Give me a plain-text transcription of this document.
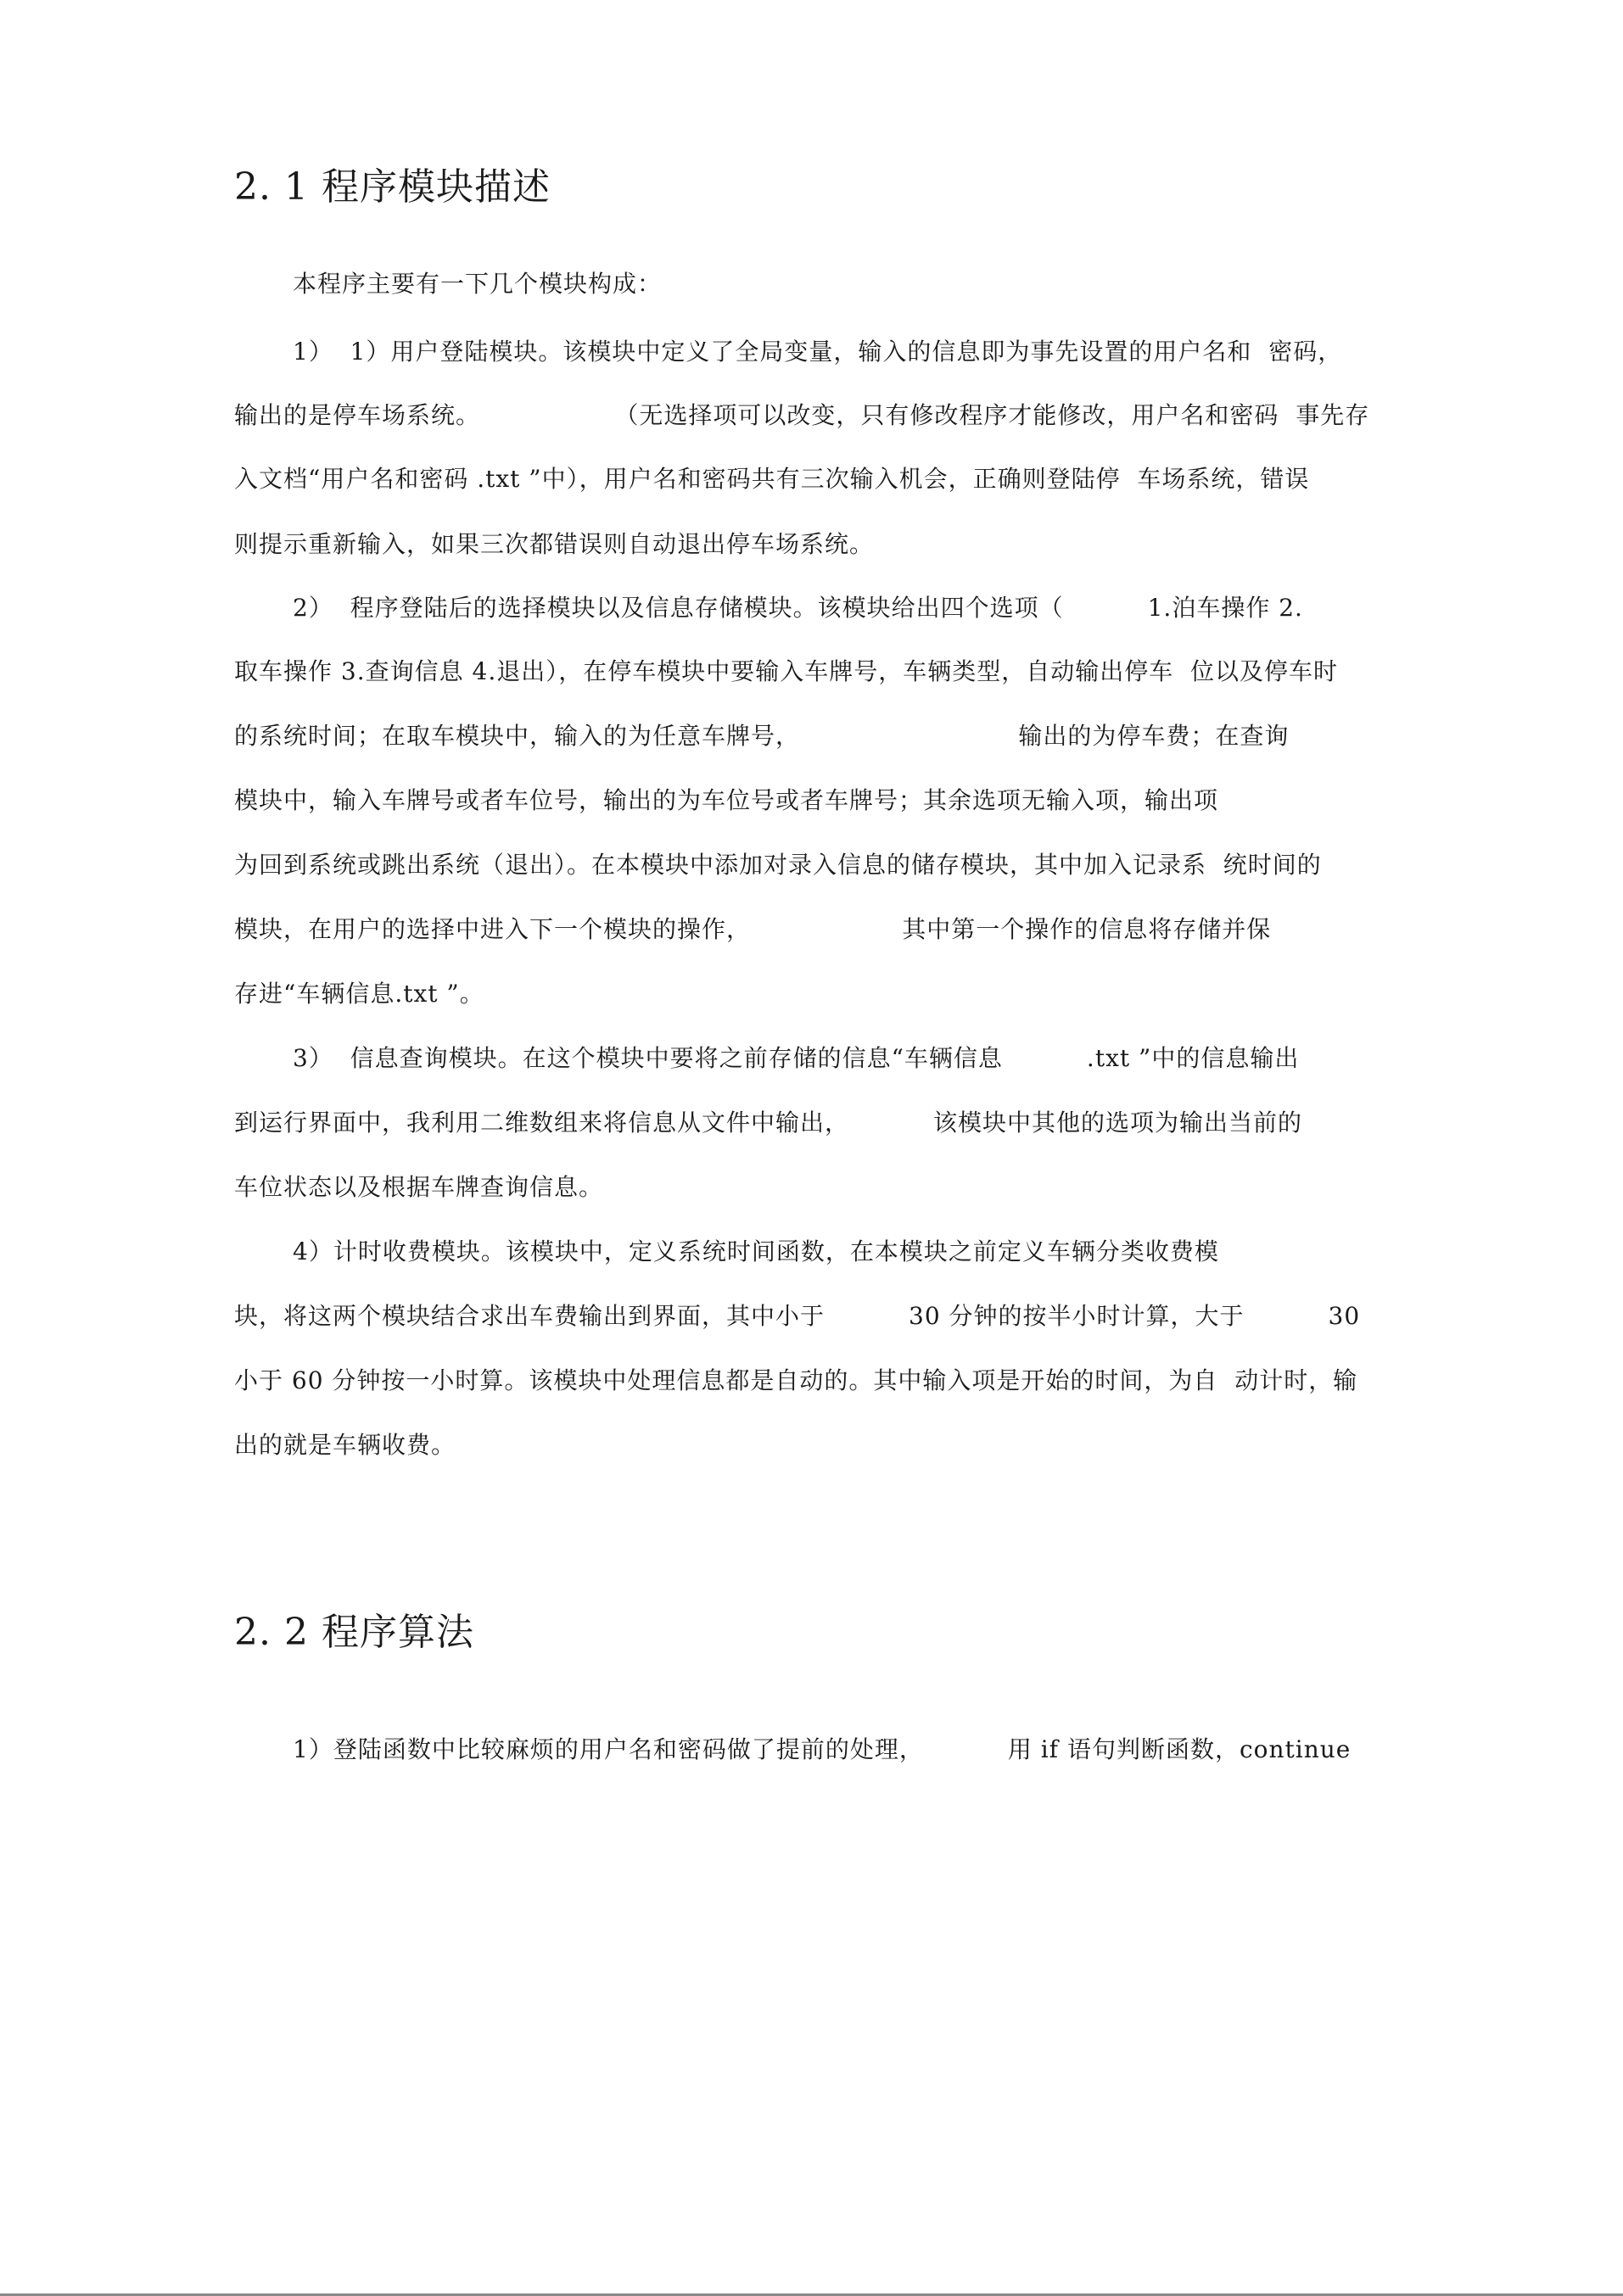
2. 1 程序模块描述

本程序主要有一下几个模块构成：

1）  1）用户登陆模块。该模块中定义了全局变量，输入的信息即为事先设置的用户名和  密码，

输出的是停车场系统。                （无选择项可以改变，只有修改程序才能修改，用户名和密码  事先存

入文档“用户名和密码 .txt ”中），用户名和密码共有三次输入机会，正确则登陆停  车场系统，错误

则提示重新输入，如果三次都错误则自动退出停车场系统。

2）  程序登陆后的选择模块以及信息存储模块。该模块给出四个选项（          1.泊车操作 2.

取车操作 3.查询信息 4.退出），在停车模块中要输入车牌号，车辆类型，自动输出停车  位以及停车时

的系统时间；在取车模块中，输入的为任意车牌号，                          输出的为停车费；在查询

模块中，输入车牌号或者车位号，输出的为车位号或者车牌号；其余选项无输入项，输出项

为回到系统或跳出系统（退出）。在本模块中添加对录入信息的储存模块，其中加入记录系  统时间的

模块，在用户的选择中进入下一个模块的操作，                  其中第一个操作的信息将存储并保

存进“车辆信息.txt ”。

3）  信息查询模块。在这个模块中要将之前存储的信息“车辆信息          .txt ”中的信息输出

到运行界面中，我利用二维数组来将信息从文件中输出，          该模块中其他的选项为输出当前的

车位状态以及根据车牌查询信息。

4）计时收费模块。该模块中，定义系统时间函数，在本模块之前定义车辆分类收费模

块，将这两个模块结合求出车费输出到界面，其中小于          30 分钟的按半小时计算，大于          30

小于 60 分钟按一小时算。该模块中处理信息都是自动的。其中输入项是开始的时间，为自  动计时，输

出的就是车辆收费。

2. 2 程序算法

1）登陆函数中比较麻烦的用户名和密码做了提前的处理，          用 if 语句判断函数，continue
